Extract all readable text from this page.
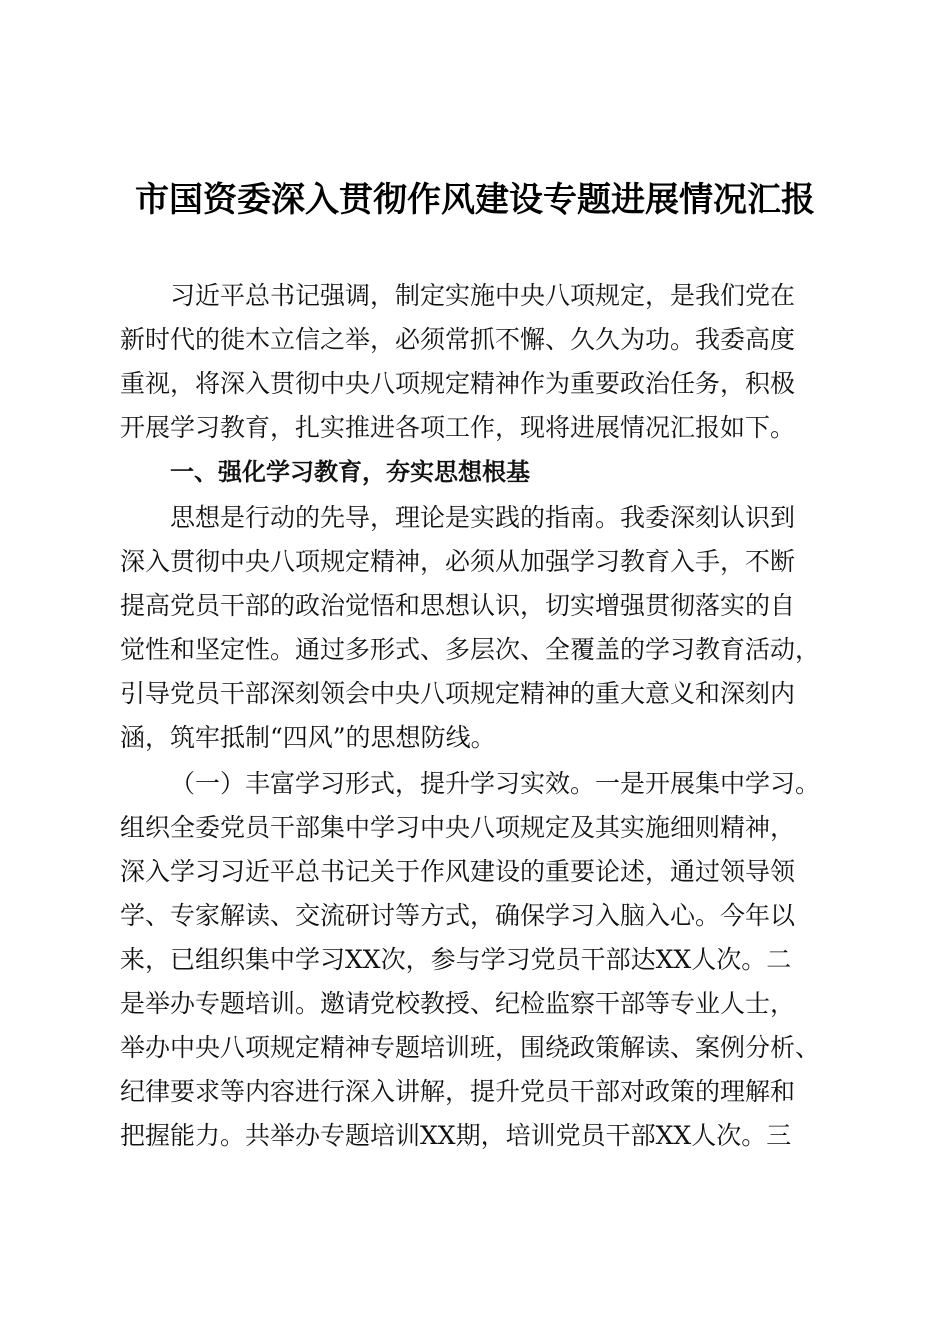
市国资委深入贯彻作风建设专题进展情况汇报
习近平总书记强调，制定实施中央八项规定，是我们党在
新时代的徙木立信之举，必须常抓不懈、久久为功。我委高度
重视，将深入贯彻中央八项规定精神作为重要政治任务，积极
开展学习教育，扎实推进各项工作，现将进展情况汇报如下。
一、强化学习教育，夯实思想根基
思想是行动的先导，理论是实践的指南。我委深刻认识到
深入贯彻中央八项规定精神，必须从加强学习教育入手，不断
提高党员干部的政治觉悟和思想认识，切实增强贯彻落实的自
觉性和坚定性。通过多形式、多层次、全覆盖的学习教育活动，
引导党员干部深刻领会中央八项规定精神的重大意义和深刻内
涵，筑牢抵制“四风”的思想防线。
（一）丰富学习形式，提升学习实效。一是开展集中学习。
组织全委党员干部集中学习中央八项规定及其实施细则精神，
深入学习习近平总书记关于作风建设的重要论述，通过领导领
学、专家解读、交流研讨等方式，确保学习入脑入心。今年以
来，已组织集中学习XX次，参与学习党员干部达XX人次。二
是举办专题培训。邀请党校教授、纪检监察干部等专业人士，
举办中央八项规定精神专题培训班，围绕政策解读、案例分析、
纪律要求等内容进行深入讲解，提升党员干部对政策的理解和
把握能力。共举办专题培训XX期，培训党员干部XX人次。三
